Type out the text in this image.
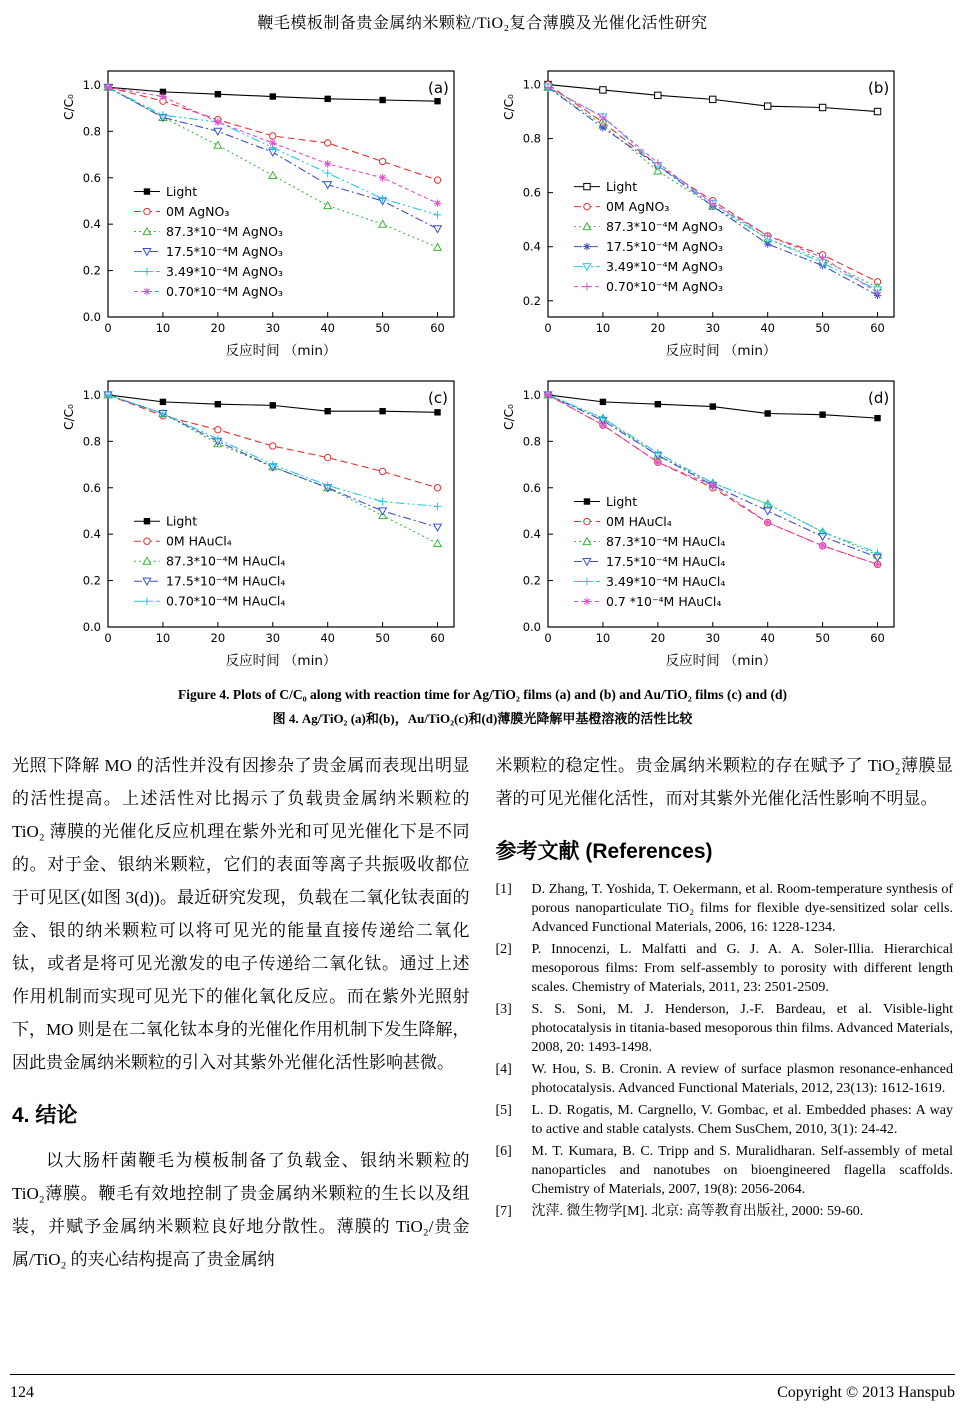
鞭毛模板制备贵金属纳米颗粒/TiO₂复合薄膜及光催化活性研究
0	10	20	30	40	50	60
0.0
0.2
0.4
0.6
0.8
1.0
反应时间 （min）
C/C₀
(a)
Light
0M AgNO₃
87.3*10⁻⁴M AgNO₃
17.5*10⁻⁴M AgNO₃
3.49*10⁻⁴M AgNO₃
0.70*10⁻⁴M AgNO₃
0	10	20	30	40	50	60
0.2
0.4
0.6
0.8
1.0
反应时间 （min）
C/C₀
(b)
Light
0M AgNO₃
87.3*10⁻⁴M AgNO₃
17.5*10⁻⁴M AgNO₃
3.49*10⁻⁴M AgNO₃
0.70*10⁻⁴M AgNO₃
0	10	20	30	40	50	60
0.0
0.2
0.4
0.6
0.8
1.0
反应时间 （min）
C/C₀
(c)
Light
0M HAuCl₄
87.3*10⁻⁴M HAuCl₄
17.5*10⁻⁴M HAuCl₄
0.70*10⁻⁴M HAuCl₄
0	10	20	30	40	50	60
0.0
0.2
0.4
0.6
0.8
1.0
反应时间 （min）
C/C₀
(d)
Light
0M HAuCl₄
87.3*10⁻⁴M HAuCl₄
17.5*10⁻⁴M HAuCl₄
3.49*10⁻⁴M HAuCl₄
0.7 *10⁻⁴M HAuCl₄
Figure 4. Plots of C/C₀ along with reaction time for Ag/TiO₂ films (a) and (b) and Au/TiO₂ films (c) and (d)
图 4. Ag/TiO₂ (a)和(b)，Au/TiO₂(c)和(d)薄膜光降解甲基橙溶液的活性比较

光照下降解 MO 的活性并没有因掺杂了贵金属而表现出明显的活性提高。上述活性对比揭示了负载贵金属纳米颗粒的 TiO₂ 薄膜的光催化反应机理在紫外光和可见光催化下是不同的。对于金、银纳米颗粒，它们的表面等离子共振吸收都位于可见区(如图 3(d))。最近研究发现，负载在二氧化钛表面的金、银的纳米颗粒可以将可见光的能量直接传递给二氧化钛，或者是将可见光激发的电子传递给二氧化钛。通过上述作用机制而实现可见光下的催化氧化反应。而在紫外光照射下，MO 则是在二氧化钛本身的光催化作用机制下发生降解，因此贵金属纳米颗粒的引入对其紫外光催化活性影响甚微。

4. 结论

以大肠杆菌鞭毛为模板制备了负载金、银纳米颗粒的 TiO₂薄膜。鞭毛有效地控制了贵金属纳米颗粒的生长以及组装，并赋予金属纳米颗粒良好地分散性。薄膜的 TiO₂/贵金属/TiO₂ 的夹心结构提高了贵金属纳

米颗粒的稳定性。贵金属纳米颗粒的存在赋予了 TiO₂薄膜显著的可见光催化活性，而对其紫外光催化活性影响不明显。

参考文献 (References)
[1]	D. Zhang, T. Yoshida, T. Oekermann, et al. Room-temperature synthesis of porous nanoparticulate TiO₂ films for flexible dye-sensitized solar cells. Advanced Functional Materials, 2006, 16: 1228-1234.
[2]	P. Innocenzi, L. Malfatti and G. J. A. A. Soler-Illia. Hierarchical mesoporous films: From self-assembly to porosity with different length scales. Chemistry of Materials, 2011, 23: 2501-2509.
[3]	S. S. Soni, M. J. Henderson, J.-F. Bardeau, et al. Visible-light photocatalysis in titania-based mesoporous thin films. Advanced Materials, 2008, 20: 1493-1498.
[4]	W. Hou, S. B. Cronin. A review of surface plasmon resonance-enhanced photocatalysis. Advanced Functional Materials, 2012, 23(13): 1612-1619.
[5]	L. D. Rogatis, M. Cargnello, V. Gombac, et al. Embedded phases: A way to active and stable catalysts. Chem SusChem, 2010, 3(1): 24-42.
[6]	M. T. Kumara, B. C. Tripp and S. Muralidharan. Self-assembly of metal nanoparticles and nanotubes on bioengineered flagella scaffolds. Chemistry of Materials, 2007, 19(8): 2056-2064.
[7]	沈萍. 微生物学[M]. 北京: 高等教育出版社, 2000: 59-60.
124	Copyright © 2013 Hanspub
